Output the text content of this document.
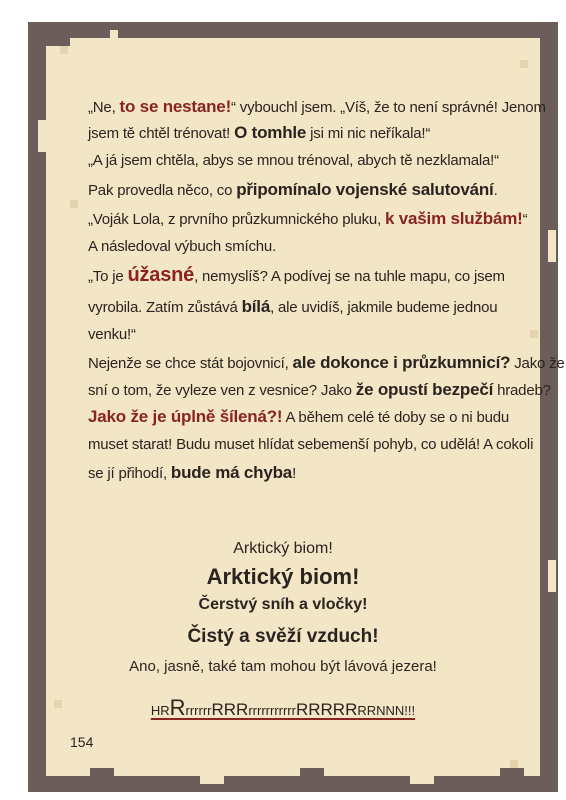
„Ne, to se nestane!“ vybouchl jsem. „Víš, že to není správné! Jenom
jsem tě chtěl trénovat! O tomhle jsi mi nic neříkala!“
„A já jsem chtěla, abys se mnou trénoval, abych tě nezklamala!“
Pak provedla něco, co připomínalo vojenské salutování.
„Voják Lola, z prvního průzkumnického pluku, k vašim službám!“
A následoval výbuch smíchu.
„To je úžasné, nemyslíš? A podívej se na tuhle mapu, co jsem
vyrobila. Zatím zůstává bílá, ale uvidíš, jakmile budeme jednou
venku!“
Nejenže se chce stát bojovnicí, ale dokonce i průzkumnicí? Jako že
sní o tom, že vyleze ven z vesnice? Jako že opustí bezpečí hradeb?
Jako že je úplně šílená?! A během celé té doby se o ni budu
muset starat! Budu muset hlídat sebemenší pohyb, co udělá! A cokoli
se jí přihodí, bude má chyba!
Arktický biom!
Arktický biom!
Čerstvý sníh a vločky!
Čistý a svěží vzduch!
Ano, jasně, také tam mohou být lávová jezera!
HRRrrrrrrRRRrrrrrrrrrrrRRRRRRRNNN!!!
154
